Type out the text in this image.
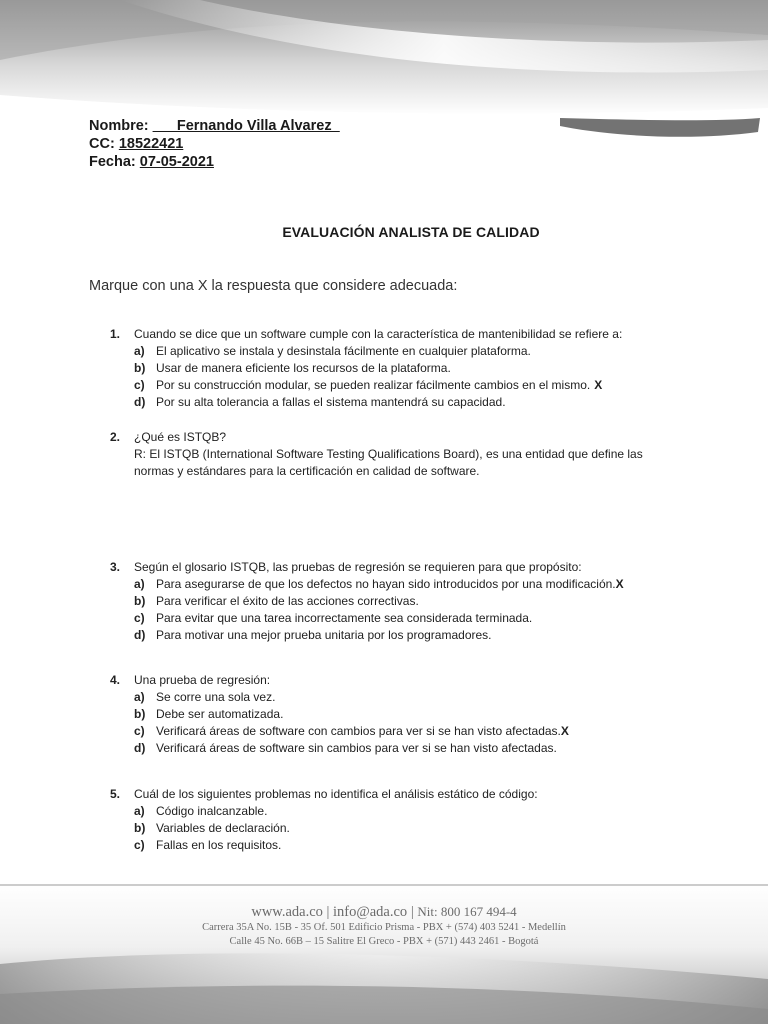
Nombre: ___Fernando Villa Alvarez_
CC: 18522421
Fecha: 07-05-2021
EVALUACIÓN ANALISTA DE CALIDAD
Marque con una X la respuesta que considere adecuada:
1.	Cuando se dice que un software cumple con la característica de mantenibilidad se refiere a:
a) El aplicativo se instala y desinstala fácilmente en cualquier plataforma.
b) Usar de manera eficiente los recursos de la plataforma.
c) Por su construcción modular, se pueden realizar fácilmente cambios en el mismo. X
d) Por su alta tolerancia a fallas el sistema mantendrá su capacidad.
2.	¿Qué es ISTQB?
R: El ISTQB (International Software Testing Qualifications Board), es una entidad que define las
normas y estándares para la certificación en calidad de software.
3.	Según el glosario ISTQB, las pruebas de regresión se requieren para que propósito:
a) Para asegurarse de que los defectos no hayan sido introducidos por una modificación. X
b) Para verificar el éxito de las acciones correctivas.
c) Para evitar que una tarea incorrectamente sea considerada terminada.
d) Para motivar una mejor prueba unitaria por los programadores.
4.	Una prueba de regresión:
a) Se corre una sola vez.
b) Debe ser automatizada.
c) Verificará áreas de software con cambios para ver si se han visto afectadas. X
d) Verificará áreas de software sin cambios para ver si se han visto afectadas.
5.	Cuál de los siguientes problemas no identifica el análisis estático de código:
a) Código inalcanzable.
b) Variables de declaración.
c) Fallas en los requisitos.
www.ada.co | info@ada.co | Nit: 800 167 494-4
Carrera 35A No. 15B - 35 Of. 501 Edificio Prisma - PBX + (574) 403 5241 - Medellín
Calle 45 No. 66B – 15 Salitre El Greco - PBX + (571) 443 2461 - Bogotá
